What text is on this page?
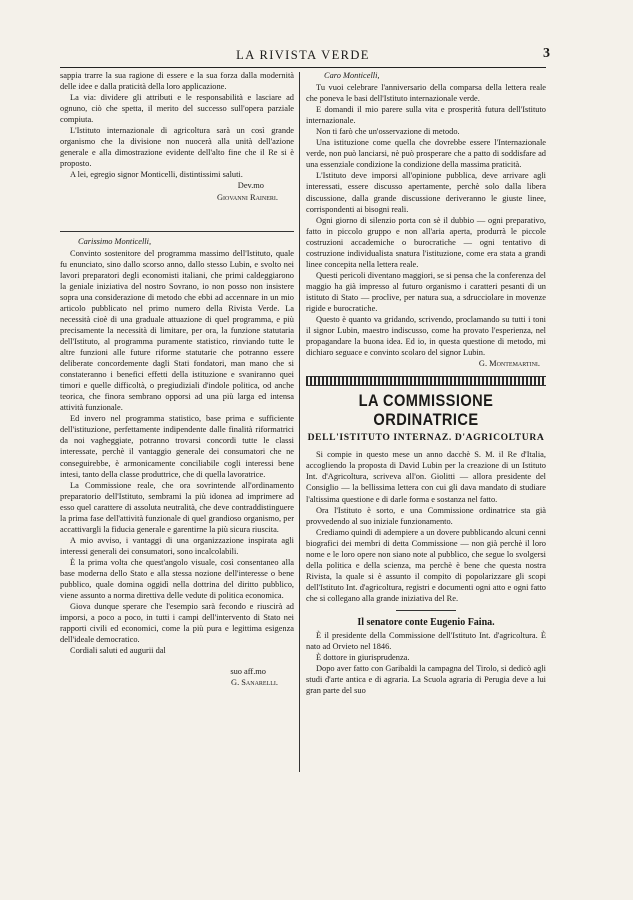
LA RIVISTA VERDE	3

sappia trarre la sua ragione di essere e la sua forza dalla modernità delle idee e dalla praticità della loro applicazione.

La via: dividere gli attributi e le responsabilità e lasciare ad ognuno, ciò che spetta, il merito del successo sull'opera parziale compiuta.

L'Istituto internazionale di agricoltura sarà un così grande organismo che la divisione non nuocerà alla unità dell'azione generale e alla dimostrazione evidente dell'alto fine che il Re si è proposto.

A lei, egregio signor Monticelli, distintissimi saluti.

Dev.mo
Giovanni Raineri.

Carissimo Monticelli,

Convinto sostenitore del programma massimo dell'Istituto, quale fu enunciato, sino dallo scorso anno, dallo stesso Lubin, e svolto nei lavori preparatori degli economisti italiani, che primi caldeggiarono la geniale iniziativa del nostro Sovrano, io non posso non insistere sopra una considerazione di metodo che ebbi ad accennare in un mio articolo pubblicato nel primo numero della Rivista Verde. La necessità cioè di una graduale attuazione di quel programma, e più precisamente la necessità di limitare, per ora, la funzione statutaria dell'Istituto, al programma puramente statistico, rinviando tutte le altre funzioni alle future riforme statutarie che potranno essere deliberate concordemente dagli Stati fondatori, man mano che si constateranno i benefici effetti della istituzione e svaniranno quei timori e quelle difficoltà, o pregiudiziali d'indole politica, od anche teorica, che finora sembrano opporsi ad una più larga ed intensa attività funzionale.

Ed invero nel programma statistico, base prima e sufficiente dell'istituzione, perfettamente indipendente dalle finalità riformatrici da noi vagheggiate, potranno trovarsi concordi tutte le classi interessate, perchè il vantaggio generale dei consumatori che ne conseguirebbe, è armonicamente conciliabile cogli interessi bene intesi, tanto della classe produttrice, che di quella lavoratrice.

La Commissione reale, che ora sovrintende all'ordinamento preparatorio dell'Istituto, sembrami la più idonea ad imprimere ad esso quel carattere di assoluta neutralità, che deve contraddistinguere la prima fase dell'attività funzionale di quel grandioso organismo, per accattivargli la fiducia generale e garentirne la più sicura riuscita.

A mio avviso, i vantaggi di una organizzazione inspirata agli interessi generali dei consumatori, sono incalcolabili.

È la prima volta che quest'angolo visuale, così consentaneo alla base moderna dello Stato e alla stessa nozione dell'interesse o bene pubblico, quale domina oggidì nella dottrina del diritto pubblico, viene assunto a norma direttiva delle vedute di politica economica.

Giova dunque sperare che l'esempio sarà fecondo e riuscirà ad imporsi, a poco a poco, in tutti i campi dell'intervento di Stato nei rapporti civili ed economici, come la più pura e legittima esigenza dell'ideale democratico.

Cordiali saluti ed augurii dal

suo aff.mo
G. Sanarelli.

Caro Monticelli,

Tu vuoi celebrare l'anniversario della comparsa della lettera reale che poneva le basi dell'Istituto internazionale verde.

E domandi il mio parere sulla vita e prosperità futura dell'Istituto internazionale.

Non ti farò che un'osservazione di metodo.

Una istituzione come quella che dovrebbe essere l'Internazionale verde, non può lanciarsi, nè può prosperare che a patto di soddisfare ad una essenziale condizione la condizione della massima praticità.

L'Istituto deve imporsi all'opinione pubblica, deve arrivare agli interessati, essere discusso apertamente, perchè solo dalla libera discussione, dalla grande discussione deriveranno le giuste linee, corrispondenti ai bisogni reali.

Ogni giorno di silenzio porta con sè il dubbio — ogni preparativo, fatto in piccolo gruppo e non all'aria aperta, produrrà le piccole costruzioni accademiche o burocratiche — ogni tentativo di costruzione individualista snatura l'istituzione, come era stata a grandi linee concepita nella lettera reale.

Questi pericoli diventano maggiori, se si pensa che la conferenza del maggio ha già impresso al futuro organismo i caratteri pesanti di un istituto di Stato — proclive, per natura sua, a sdrucciolare in movenze rigide e burocratiche.

Questo è quanto va gridando, scrivendo, proclamando su tutti i toni il signor Lubin, maestro indiscusso, come ha provato l'esperienza, nel propagandare la buona idea. Ed io, in questa questione di metodo, mi dichiaro seguace e convinto scolaro del signor Lubin.

G. Montemartini.
LA COMMISSIONE ORDINATRICE
DELL'ISTITUTO INTERNAZ. D'AGRICOLTURA

Si compie in questo mese un anno dacchè S. M. il Re d'Italia, accogliendo la proposta di David Lubin per la creazione di un Istituto Int. d'Agricoltura, scriveva all'on. Giolitti — allora presidente del Consiglio — la bellissima lettera con cui gli dava mandato di studiare l'altissima questione e di darle forma e sostanza nel fatto.

Ora l'Istituto è sorto, e una Commissione ordinatrice sta già provvedendo al suo iniziale funzionamento.

Crediamo quindi di adempiere a un dovere pubblicando alcuni cenni biografici dei membri di detta Commissione — non già perchè il loro nome e le loro opere non siano note al pubblico, che segue lo svolgersi della politica e della scienza, ma perchè è bene che questa nostra Rivista, la quale si è assunto il compito di popolarizzare gli scopi dell'Istituto Int. d'agricoltura, registri e documenti ogni atto e ogni fatto che si collegano alla grande iniziativa del Re.

Il senatore conte Eugenio Faina.

È il presidente della Commissione dell'Istituto Int. d'agricoltura. È nato ad Orvieto nel 1846.

È dottore in giurisprudenza.

Dopo aver fatto con Garibaldi la campagna del Tirolo, si dedicò agli studi d'arte antica e di agraria. La Scuola agraria di Perugia deve a lui gran parte del suo
